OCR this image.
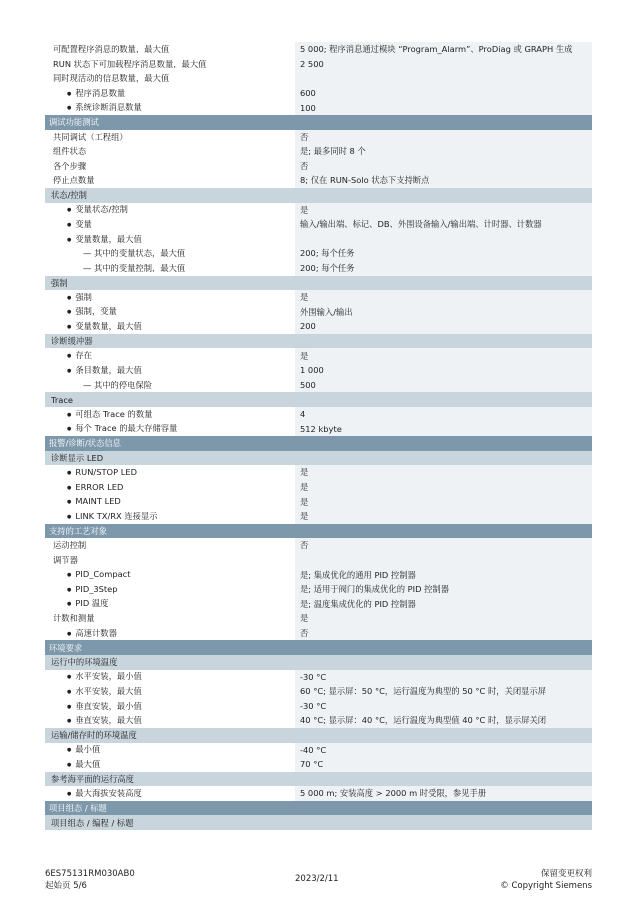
可配置程序消息的数量，最大值	5 000; 程序消息通过模块 “Program_Alarm”、ProDiag 或 GRAPH 生成
RUN 状态下可加载程序消息数量，最大值	2 500
同时现活动的信息数量，最大值
● 程序消息数量	600
● 系统诊断消息数量	100
调试功能测试
共同调试（工程组）	否
组件状态	是; 最多同时 8 个
各个步骤	否
停止点数量	8; 仅在 RUN-Solo 状态下支持断点
状态/控制
● 变量状态/控制	是
● 变量	输入/输出端、标记、DB、外围设备输入/输出端、计时器、计数器
● 变量数量，最大值
— 其中的变量状态，最大值	200; 每个任务
— 其中的变量控制，最大值	200; 每个任务
强制
● 强制	是
● 强制，变量	外围输入/输出
● 变量数量，最大值	200
诊断缓冲器
● 存在	是
● 条目数量，最大值	1 000
— 其中的停电保险	500
Trace
● 可组态 Trace 的数量	4
● 每个 Trace 的最大存储容量	512 kbyte
报警/诊断/状态信息
诊断显示 LED
● RUN/STOP LED	是
● ERROR LED	是
● MAINT LED	是
● LINK TX/RX 连接显示	是
支持的工艺对象
运动控制	否
调节器
● PID_Compact	是; 集成优化的通用 PID 控制器
● PID_3Step	是; 适用于阀门的集成优化的 PID 控制器
● PID 温度	是; 温度集成优化的 PID 控制器
计数和测量	是
● 高速计数器	否
环境要求
运行中的环境温度
● 水平安装，最小值	-30 °C
● 水平安装，最大值	60 °C; 显示屏：50 °C，运行温度为典型的 50 °C 时，关闭显示屏
● 垂直安装，最小值	-30 °C
● 垂直安装，最大值	40 °C; 显示屏：40 °C，运行温度为典型值 40 °C 时，显示屏关闭
运输/储存时的环境温度
● 最小值	-40 °C
● 最大值	70 °C
参考海平面的运行高度
● 最大海拔安装高度	5 000 m; 安装高度 > 2000 m 时受限，参见手册
项目组态 / 标题
项目组态 / 编程 / 标题
6ES75131RM030AB0
起始页 5/6
2023/2/11	保留变更权利
© Copyright Siemens
